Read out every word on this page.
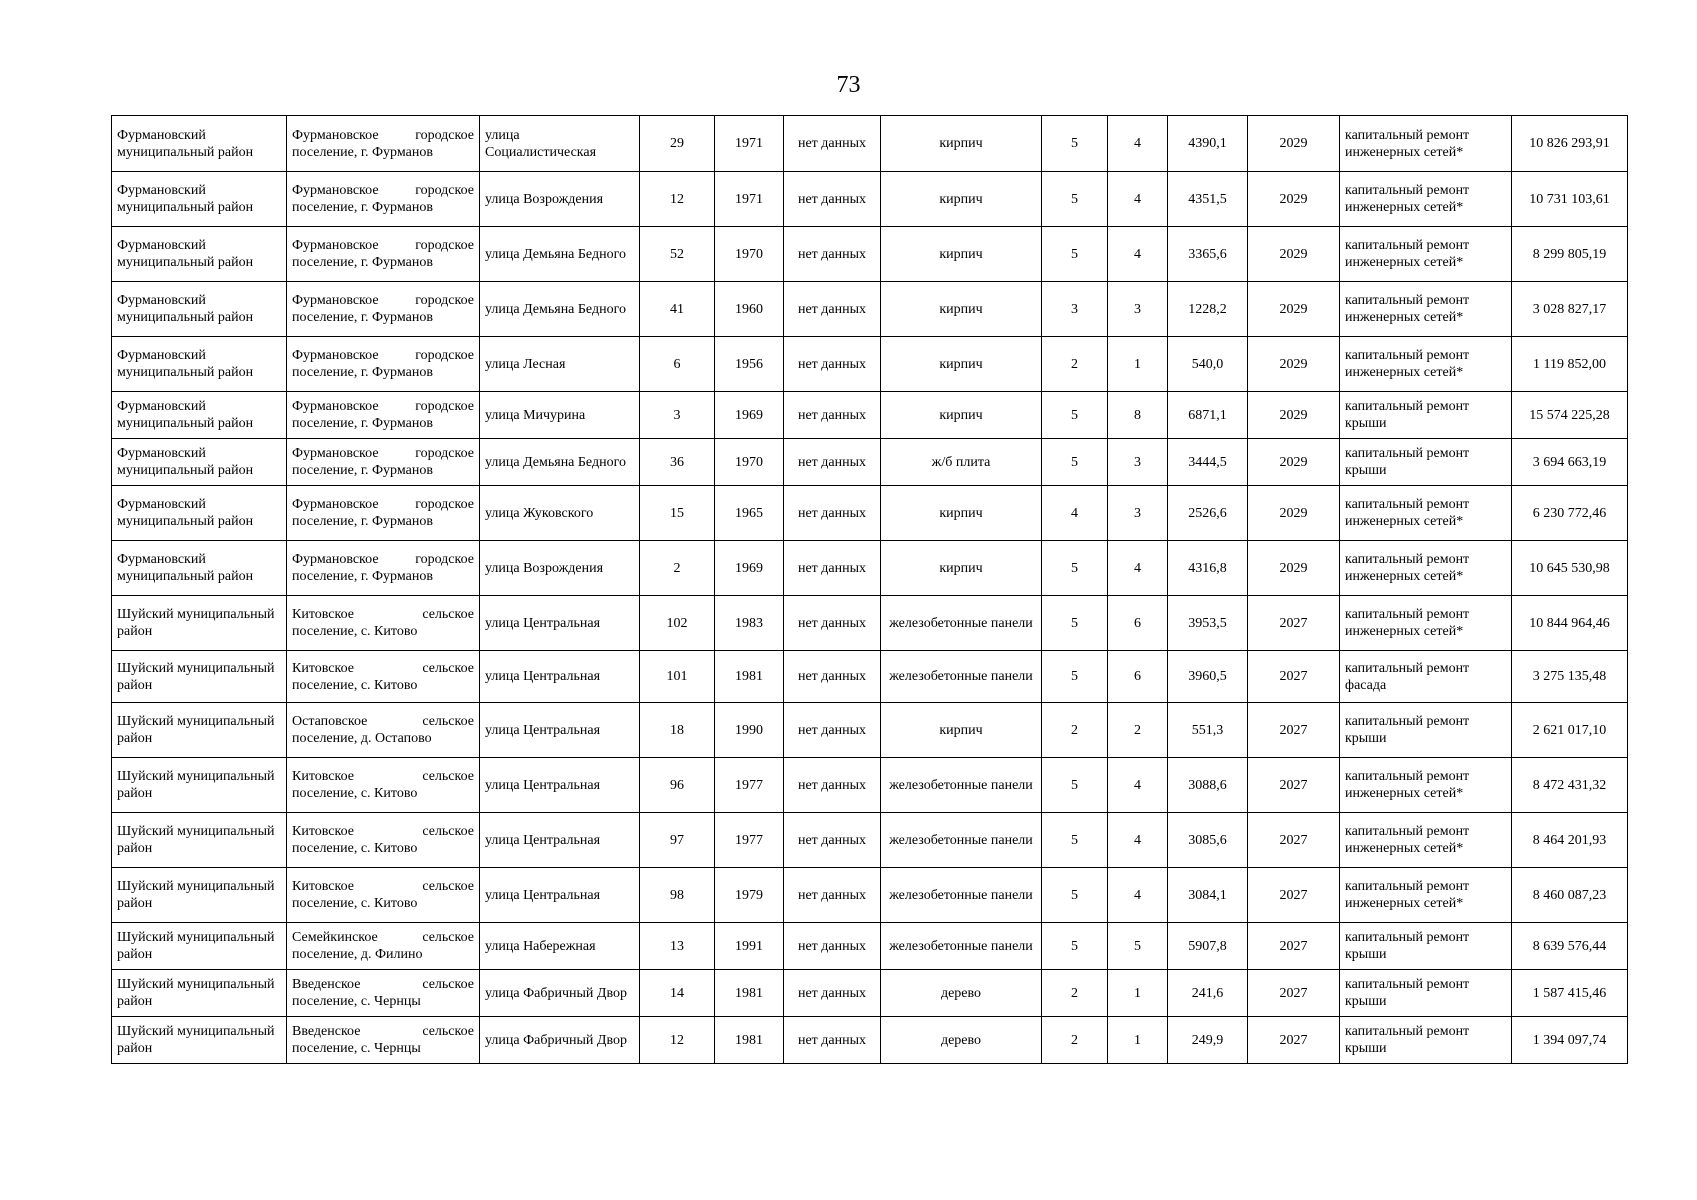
73
Фурмановский муниципальный район	Фурмановское городское
поселение, г. Фурманов	улица Социалистическая	29	1971	нет данных	кирпич	5	4	4390,1	2029	капитальный ремонт инженерных сетей*	10 826 293,91
Фурмановский муниципальный район	Фурмановское городское
поселение, г. Фурманов	улица Возрождения	12	1971	нет данных	кирпич	5	4	4351,5	2029	капитальный ремонт инженерных сетей*	10 731 103,61
Фурмановский муниципальный район	Фурмановское городское
поселение, г. Фурманов	улица Демьяна Бедного	52	1970	нет данных	кирпич	5	4	3365,6	2029	капитальный ремонт инженерных сетей*	8 299 805,19
Фурмановский муниципальный район	Фурмановское городское
поселение, г. Фурманов	улица Демьяна Бедного	41	1960	нет данных	кирпич	3	3	1228,2	2029	капитальный ремонт инженерных сетей*	3 028 827,17
Фурмановский муниципальный район	Фурмановское городское
поселение, г. Фурманов	улица Лесная	6	1956	нет данных	кирпич	2	1	540,0	2029	капитальный ремонт инженерных сетей*	1 119 852,00
Фурмановский муниципальный район	Фурмановское городское
поселение, г. Фурманов	улица Мичурина	3	1969	нет данных	кирпич	5	8	6871,1	2029	капитальный ремонт крыши	15 574 225,28
Фурмановский муниципальный район	Фурмановское городское
поселение, г. Фурманов	улица Демьяна Бедного	36	1970	нет данных	ж/б плита	5	3	3444,5	2029	капитальный ремонт крыши	3 694 663,19
Фурмановский муниципальный район	Фурмановское городское
поселение, г. Фурманов	улица Жуковского	15	1965	нет данных	кирпич	4	3	2526,6	2029	капитальный ремонт инженерных сетей*	6 230 772,46
Фурмановский муниципальный район	Фурмановское городское
поселение, г. Фурманов	улица Возрождения	2	1969	нет данных	кирпич	5	4	4316,8	2029	капитальный ремонт инженерных сетей*	10 645 530,98
Шуйский муниципальный район	Китовское сельское
поселение, с. Китово	улица Центральная	102	1983	нет данных	железобетонные панели	5	6	3953,5	2027	капитальный ремонт инженерных сетей*	10 844 964,46
Шуйский муниципальный район	Китовское сельское
поселение, с. Китово	улица Центральная	101	1981	нет данных	железобетонные панели	5	6	3960,5	2027	капитальный ремонт фасада	3 275 135,48
Шуйский муниципальный район	Остаповское сельское
поселение, д. Остапово	улица Центральная	18	1990	нет данных	кирпич	2	2	551,3	2027	капитальный ремонт крыши	2 621 017,10
Шуйский муниципальный район	Китовское сельское
поселение, с. Китово	улица Центральная	96	1977	нет данных	железобетонные панели	5	4	3088,6	2027	капитальный ремонт инженерных сетей*	8 472 431,32
Шуйский муниципальный район	Китовское сельское
поселение, с. Китово	улица Центральная	97	1977	нет данных	железобетонные панели	5	4	3085,6	2027	капитальный ремонт инженерных сетей*	8 464 201,93
Шуйский муниципальный район	Китовское сельское
поселение, с. Китово	улица Центральная	98	1979	нет данных	железобетонные панели	5	4	3084,1	2027	капитальный ремонт инженерных сетей*	8 460 087,23
Шуйский муниципальный район	Семейкинское сельское
поселение, д. Филино	улица Набережная	13	1991	нет данных	железобетонные панели	5	5	5907,8	2027	капитальный ремонт крыши	8 639 576,44
Шуйский муниципальный район	Введенское сельское
поселение, с. Чернцы	улица Фабричный Двор	14	1981	нет данных	дерево	2	1	241,6	2027	капитальный ремонт крыши	1 587 415,46
Шуйский муниципальный район	Введенское сельское
поселение, с. Чернцы	улица Фабричный Двор	12	1981	нет данных	дерево	2	1	249,9	2027	капитальный ремонт крыши	1 394 097,74
